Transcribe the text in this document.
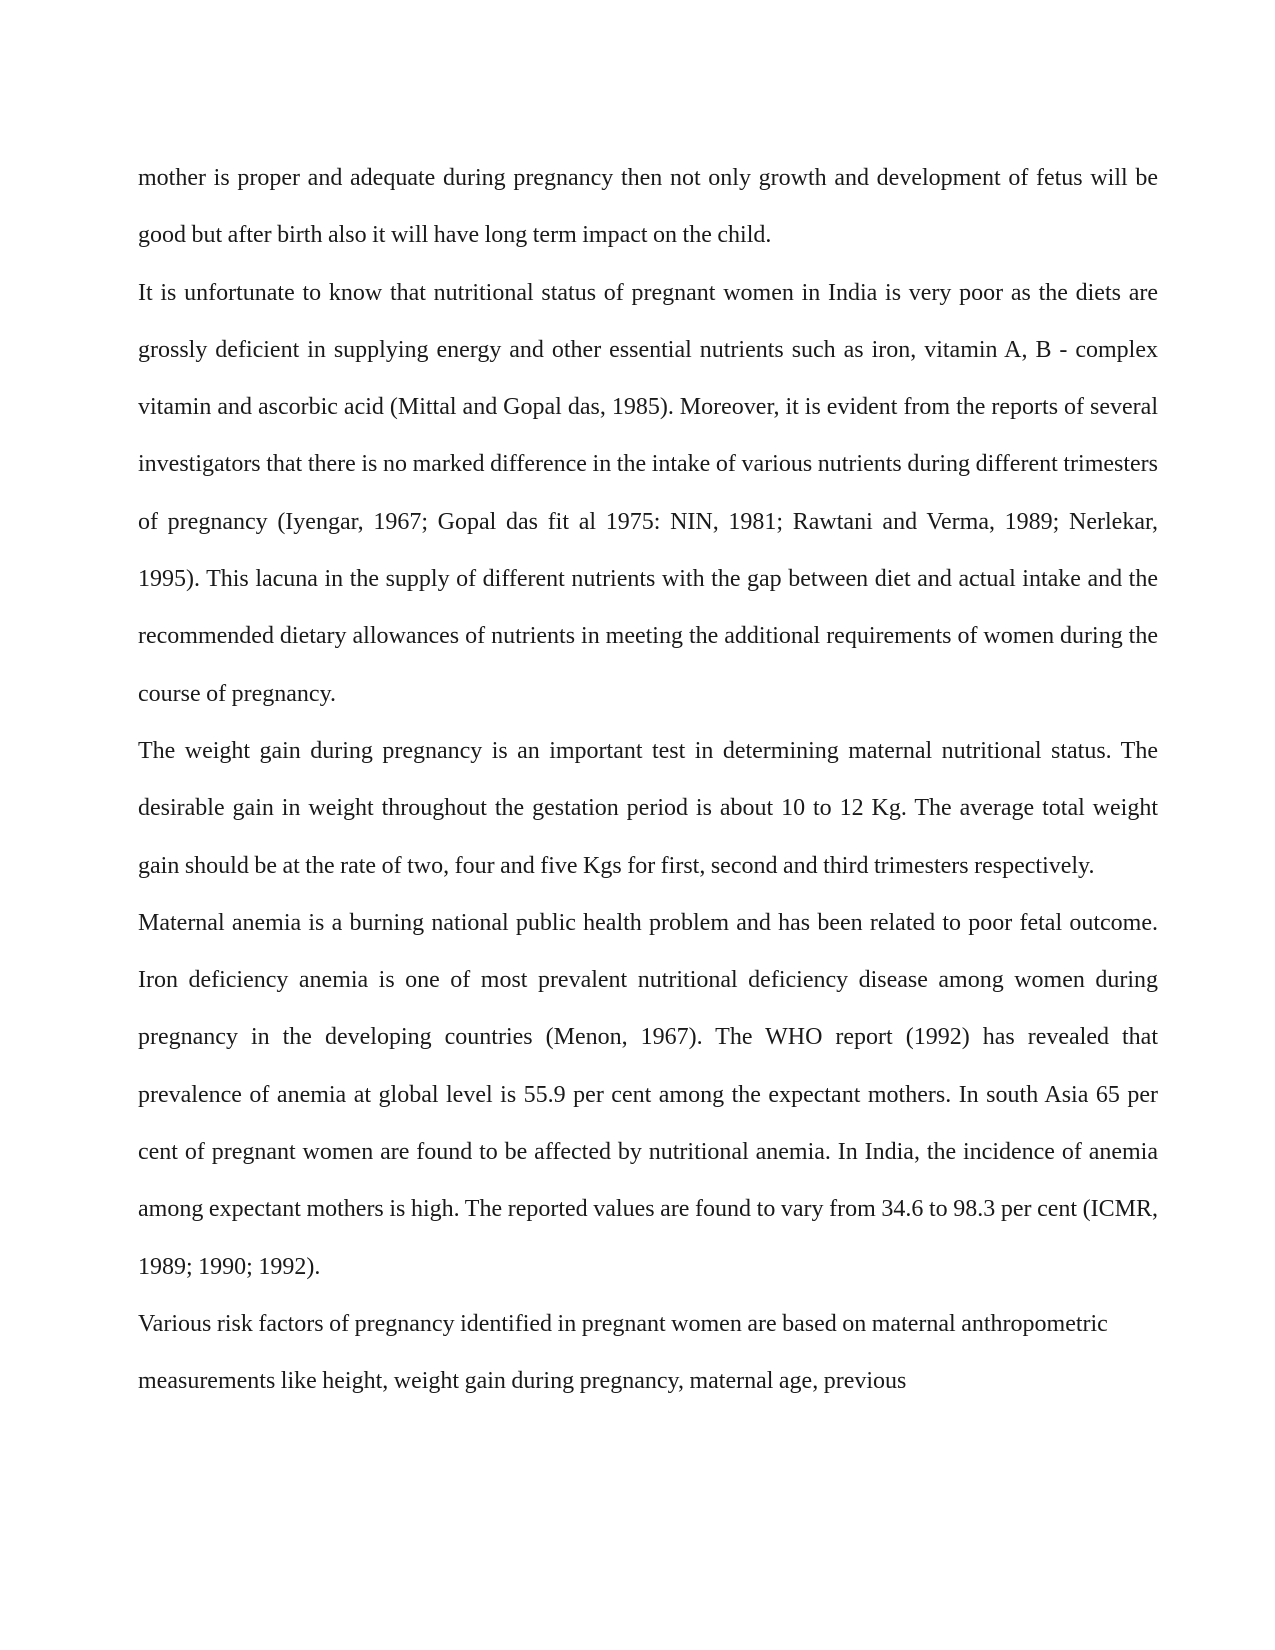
mother is proper and adequate during pregnancy then not only growth and development of fetus will be good but after birth also it will have long term impact on the child.

It is unfortunate to know that nutritional status of pregnant women in India is very poor as the diets are grossly deficient in supplying energy and other essential nutrients such as iron, vitamin A, B - complex vitamin and ascorbic acid (Mittal and Gopal das, 1985). Moreover, it is evident from the reports of several investigators that there is no marked difference in the intake of various nutrients during different trimesters of pregnancy (Iyengar, 1967; Gopal das fit al 1975: NIN, 1981; Rawtani and Verma, 1989; Nerlekar, 1995). This lacuna in the supply of different nutrients with the gap between diet and actual intake and the recommended dietary allowances of nutrients in meeting the additional requirements of women during the course of pregnancy.

The weight gain during pregnancy is an important test in determining maternal nutritional status. The desirable gain in weight throughout the gestation period is about 10 to 12 Kg. The average total weight gain should be at the rate of two, four and five Kgs for first, second and third trimesters respectively.

Maternal anemia is a burning national public health problem and has been related to poor fetal outcome. Iron deficiency anemia is one of most prevalent nutritional deficiency disease among women during pregnancy in the developing countries (Menon, 1967). The WHO report (1992) has revealed that prevalence of anemia at global level is 55.9 per cent among the expectant mothers. In south Asia 65 per cent of pregnant women are found to be affected by nutritional anemia. In India, the incidence of anemia among expectant mothers is high. The reported values are found to vary from 34.6 to 98.3 per cent (ICMR, 1989; 1990; 1992).

Various risk factors of pregnancy identified in pregnant women are based on maternal anthropometric measurements like height, weight gain during pregnancy, maternal age, previous
